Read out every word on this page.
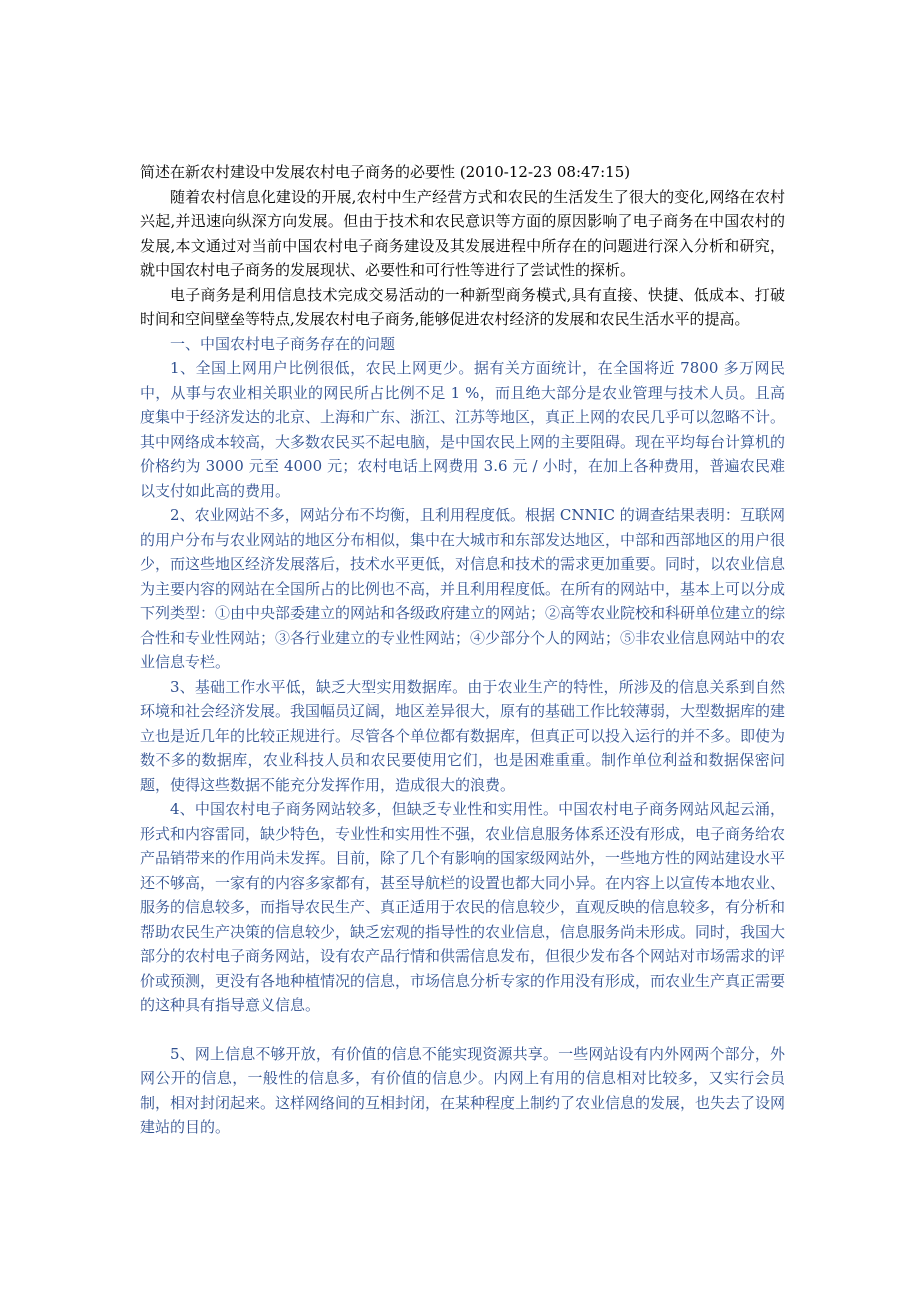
简述在新农村建设中发展农村电子商务的必要性 (2010-12-23 08:47:15)

随着农村信息化建设的开展,农村中生产经营方式和农民的生活发生了很大的变化,网络在农村兴起,并迅速向纵深方向发展。但由于技术和农民意识等方面的原因影响了电子商务在中国农村的发展,本文通过对当前中国农村电子商务建设及其发展进程中所存在的问题进行深入分析和研究，就中国农村电子商务的发展现状、必要性和可行性等进行了尝试性的探析。

电子商务是利用信息技术完成交易活动的一种新型商务模式,具有直接、快捷、低成本、打破时间和空间壁垒等特点,发展农村电子商务,能够促进农村经济的发展和农民生活水平的提高。

一、中国农村电子商务存在的问题

1、全国上网用户比例很低，农民上网更少。据有关方面统计，在全国将近 7800 多万网民中，从事与农业相关职业的网民所占比例不足 1 %，而且绝大部分是农业管理与技术人员。且高度集中于经济发达的北京、上海和广东、浙江、江苏等地区，真正上网的农民几乎可以忽略不计。其中网络成本较高，大多数农民买不起电脑，是中国农民上网的主要阻碍。现在平均每台计算机的价格约为 3000 元至 4000 元；农村电话上网费用 3.6 元 / 小时，在加上各种费用，普遍农民难以支付如此高的费用。

2、农业网站不多，网站分布不均衡，且利用程度低。根据 CNNIC 的调查结果表明：互联网的用户分布与农业网站的地区分布相似，集中在大城市和东部发达地区，中部和西部地区的用户很少，而这些地区经济发展落后，技术水平更低，对信息和技术的需求更加重要。同时，以农业信息为主要内容的网站在全国所占的比例也不高，并且利用程度低。在所有的网站中，基本上可以分成下列类型：①由中央部委建立的网站和各级政府建立的网站；②高等农业院校和科研单位建立的综合性和专业性网站；③各行业建立的专业性网站；④少部分个人的网站；⑤非农业信息网站中的农业信息专栏。

3、基础工作水平低，缺乏大型实用数据库。由于农业生产的特性，所涉及的信息关系到自然环境和社会经济发展。我国幅员辽阔，地区差异很大，原有的基础工作比较薄弱，大型数据库的建立也是近几年的比较正规进行。尽管各个单位都有数据库，但真正可以投入运行的并不多。即使为数不多的数据库，农业科技人员和农民要使用它们，也是困难重重。制作单位利益和数据保密问题，使得这些数据不能充分发挥作用，造成很大的浪费。

4、中国农村电子商务网站较多，但缺乏专业性和实用性。中国农村电子商务网站风起云涌，形式和内容雷同，缺少特色，专业性和实用性不强，农业信息服务体系还没有形成，电子商务给农产品销带来的作用尚未发挥。目前，除了几个有影响的国家级网站外，一些地方性的网站建设水平还不够高，一家有的内容多家都有，甚至导航栏的设置也都大同小异。在内容上以宣传本地农业、服务的信息较多，而指导农民生产、真正适用于农民的信息较少，直观反映的信息较多，有分析和帮助农民生产决策的信息较少，缺乏宏观的指导性的农业信息，信息服务尚未形成。同时，我国大部分的农村电子商务网站，设有农产品行情和供需信息发布，但很少发布各个网站对市场需求的评价或预测，更没有各地种植情况的信息，市场信息分析专家的作用没有形成，而农业生产真正需要的这种具有指导意义信息。

5、网上信息不够开放，有价值的信息不能实现资源共享。一些网站设有内外网两个部分，外网公开的信息，一般性的信息多，有价值的信息少。内网上有用的信息相对比较多，又实行会员制，相对封闭起来。这样网络间的互相封闭，在某种程度上制约了农业信息的发展，也失去了设网建站的目的。
